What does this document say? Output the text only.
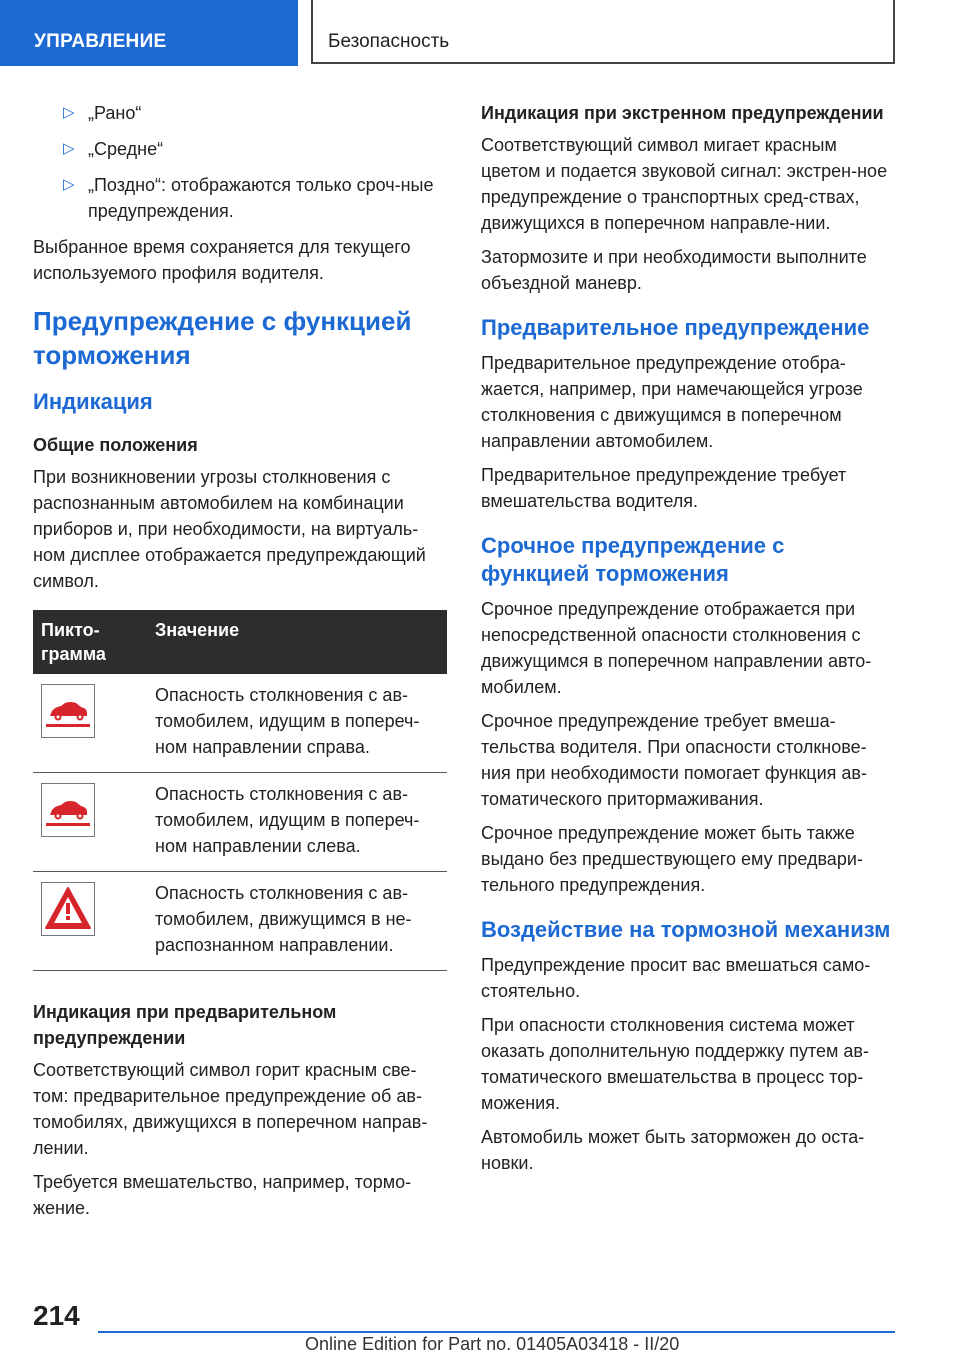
УПРАВЛЕНИЕ	Безопасность
▷ „Рано“
▷ „Средне“
▷ „Поздно“: отображаются только сроч-ные предупреждения.

Выбранное время сохраняется для текущего используемого профиля водителя.

Предупреждение с функцией торможения
Индикация
Общие положения

При возникновении угрозы столкновения с распознанным автомобилем на комбинации приборов и, при необходимости, на виртуаль-ном дисплее отображается предупреждающий символ.

Пикто-грамма	Значение

	Опасность столкновения с ав-томобилем, идущим в попереч-ном направлении справа.

	Опасность столкновения с ав-томобилем, идущим в попереч-ном направлении слева.

	Опасность столкновения с ав-томобилем, движущимся в не-распознанном направлении.
Индикация при предварительном предупреждении

Соответствующий символ горит красным све-том: предварительное предупреждение об ав-томобилях, движущихся в поперечном направ-лении.

Требуется вмешательство, например, тормо-жение.

Индикация при экстренном предупреждении

Соответствующий символ мигает красным цветом и подается звуковой сигнал: экстрен-ное предупреждение о транспортных сред-ствах, движущихся в поперечном направле-нии.

Затормозите и при необходимости выполните объездной маневр.

Предварительное предупреждение

Предварительное предупреждение отобра-жается, например, при намечающейся угрозе столкновения с движущимся в поперечном направлении автомобилем.

Предварительное предупреждение требует вмешательства водителя.

Срочное предупреждение с функцией торможения

Срочное предупреждение отображается при непосредственной опасности столкновения с движущимся в поперечном направлении авто-мобилем.

Срочное предупреждение требует вмеша-тельства водителя. При опасности столкнове-ния при необходимости помогает функция ав-томатического притормаживания.

Срочное предупреждение может быть также выдано без предшествующего ему предвари-тельного предупреждения.

Воздействие на тормозной механизм

Предупреждение просит вас вмешаться само-стоятельно.

При опасности столкновения система может оказать дополнительную поддержку путем ав-томатического вмешательства в процесс тор-можения.

Автомобиль может быть заторможен до оста-новки.

214
Online Edition for Part no. 01405A03418 - II/20
